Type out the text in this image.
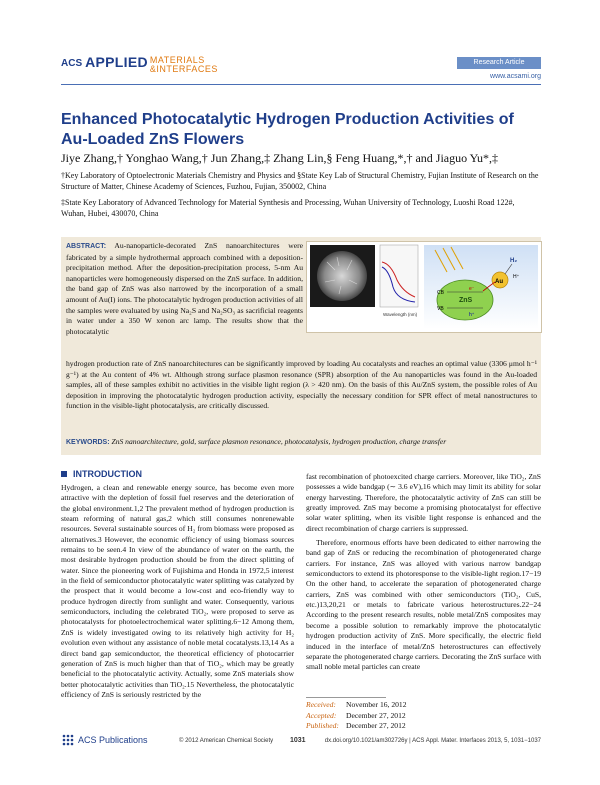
ACS APPLIED MATERIALS
&INTERFACES
Research Article
www.acsami.org
Enhanced Photocatalytic Hydrogen Production Activities of Au-Loaded ZnS Flowers
Jiye Zhang,† Yonghao Wang,† Jun Zhang,‡ Zhang Lin,§ Feng Huang,*,† and Jiaguo Yu*,‡
†Key Laboratory of Optoelectronic Materials Chemistry and Physics and §State Key Lab of Structural Chemistry, Fujian Institute of Research on the Structure of Matter, Chinese Academy of Sciences, Fuzhou, Fujian, 350002, China
‡State Key Laboratory of Advanced Technology for Material Synthesis and Processing, Wuhan University of Technology, Luoshi Road 122#, Wuhan, Hubei, 430070, China
ABSTRACT: Au-nanoparticle-decorated ZnS nanoarchitectures were fabricated by a simple hydrothermal approach combined with a deposition-precipitation method. After the deposition-precipitation process, 5-nm Au nanoparticles were homogeneously dispersed on the ZnS surface. In addition, the band gap of ZnS was also narrowed by the incorporation of a small amount of Au(I) ions. The photocatalytic hydrogen production activities of all the samples were evaluated by using Na₂S and Na₂SO₃ as sacrificial reagents in water under a 350 W xenon arc lamp. The results show that the photocatalytic
hydrogen production rate of ZnS nanoarchitectures can be significantly improved by loading Au cocatalysts and reaches an optimal value (3306 μmol h⁻¹ g⁻¹) at the Au content of 4% wt. Although strong surface plasmon resonance (SPR) absorption of the Au nanoparticles was found in the Au-loaded samples, all of these samples exhibit no activities in the visible light region (λ > 420 nm). On the basis of this Au/ZnS system, the possible roles of Au deposition in improving the photocatalytic hydrogen production activity, especially the necessary condition for SPR effect of metal nanostructures to function in the visible-light photocatalysis, are critically discussed.
KEYWORDS: ZnS nanoarchitecture, gold, surface plasmon resonance, photocatalysis, hydrogen production, charge transfer
Wavelength (nm)
CB
VB
ZnS
Au
e⁻
h⁺
H₂
H⁺
INTRODUCTION

Hydrogen, a clean and renewable energy source, has become even more attractive with the depletion of fossil fuel reserves and the deterioration of the global environment.1,2 The prevalent method of hydrogen production is steam reforming of natural gas,2 which still consumes nonrenewable resources. Several sustainable sources of H₂ from biomass were proposed as alternatives.3 However, the economic efficiency of using biomass sources remains to be seen.4 In view of the abundance of water on the earth, the most desirable hydrogen production should be from the direct splitting of water. Since the pioneering work of Fujishima and Honda in 1972,5 interest in the field of semiconductor photocatalytic water splitting was catalyzed by the prospect that it would become a low-cost and eco-friendly way to produce hydrogen directly from sunlight and water. Consequently, various semiconductors, including the celebrated TiO₂, were proposed to serve as photocatalysts for photoelectrochemical water splitting.6−12 Among them, ZnS is widely investigated owing to its relatively high activity for H₂ evolution even without any assistance of noble metal cocatalysts.13,14 As a direct band gap semiconductor, the theoretical efficiency of photocarrier generation of ZnS is much higher than that of TiO₂, which may be greatly beneficial to the photocatalytic activity. Actually, some ZnS materials show better photocatalytic activities than TiO₂.15 Nevertheless, the photocatalytic efficiency of ZnS is seriously restricted by the

fast recombination of photoexcited charge carriers. Moreover, like TiO₂, ZnS possesses a wide bandgap (∼ 3.6 eV),16 which may limit its ability for solar energy harvesting. Therefore, the photocatalytic activity of ZnS can still be greatly improved. ZnS may become a promising photocatalyst for effective solar water splitting, when its visible light response is enhanced and the direct recombination of charge carriers is suppressed.

Therefore, enormous efforts have been dedicated to either narrowing the band gap of ZnS or reducing the recombination of photogenerated charge carriers. For instance, ZnS was alloyed with various narrow bandgap semiconductors to extend its photoresponse to the visible-light region.17−19 On the other hand, to accelerate the separation of photogenerated charge carriers, ZnS was combined with other semiconductors (TiO₂, CuS, etc.)13,20,21 or metals to fabricate various heterostructures.22−24 According to the present research results, noble metal/ZnS composites may become a possible solution to remarkably improve the photocatalytic hydrogen production activity of ZnS. More specifically, the electric field induced in the interface of metal/ZnS heterostructures can effectively separate the photogenerated charge carriers. Decorating the ZnS surface with small noble metal particles can create

Received: November 16, 2012
Accepted: December 27, 2012
Published: December 27, 2012
ACS Publications	© 2012 American Chemical Society 1031	dx.doi.org/10.1021/am302726y | ACS Appl. Mater. Interfaces 2013, 5, 1031−1037
